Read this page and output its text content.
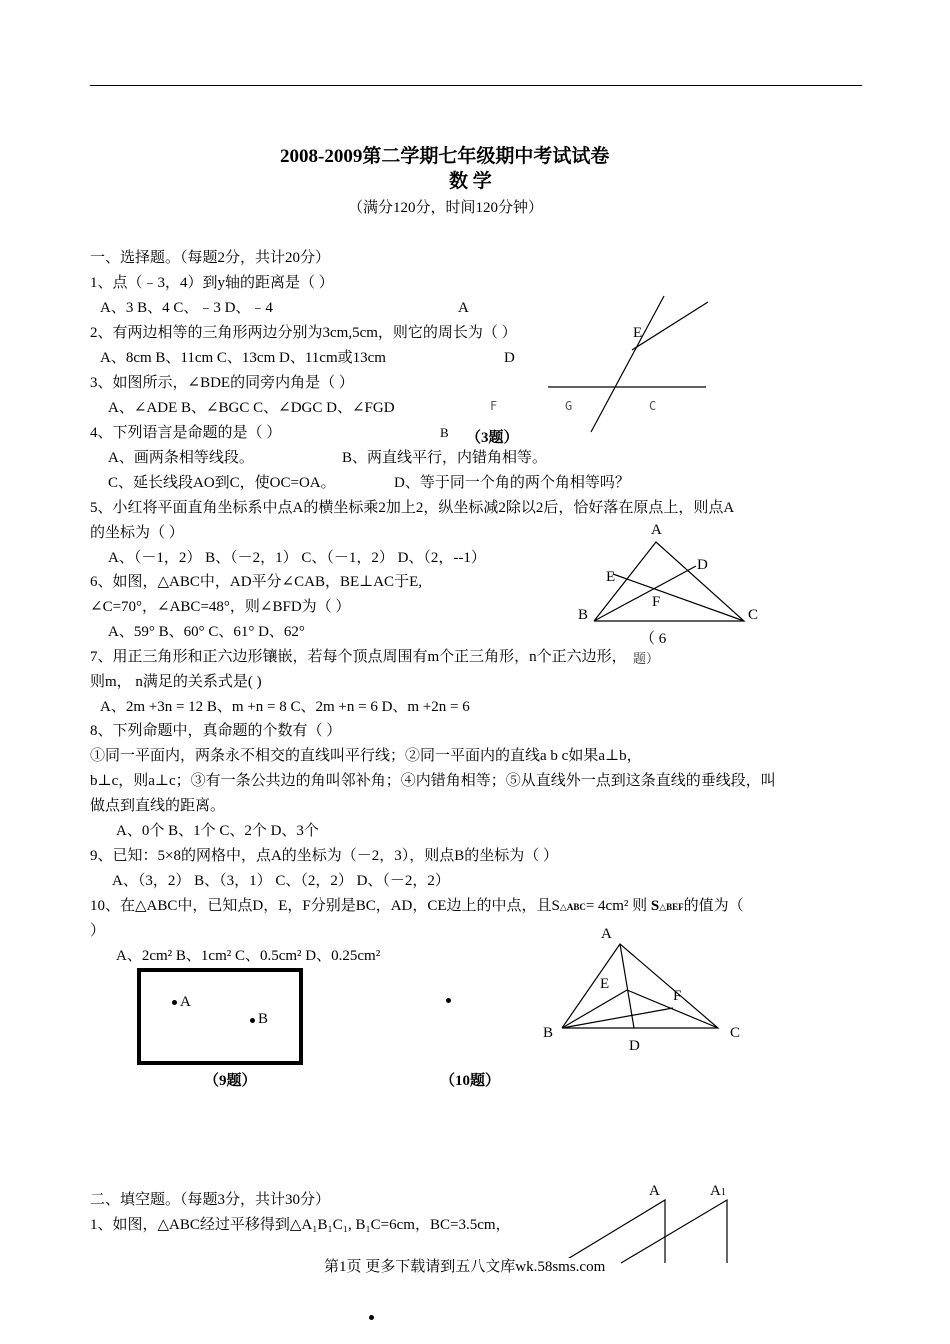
2008-2009第二学期七年级期中考试试卷
数 学
（满分120分，时间120分钟）
一、选择题。（每题2分，共计20分）
1、点（﹣3，4）到y轴的距离是（ ）
A、3 B、4 C、﹣3 D、﹣4	A
2、有两边相等的三角形两边分别为3cm,5cm，则它的周长为（ ）
A、8cm B、11cm C、13cm D、11cm或13cm	D
3、如图所示，∠BDE的同旁内角是（ ）
A、∠ADE B、∠BGC C、∠DGC D、∠FGD
4、下列语言是命题的是（ ）
A、画两条相等线段。	B、两直线平行，内错角相等。
C、延长线段AO到C，使OC=OA。	D、等于同一个角的两个角相等吗？
5、小红将平面直角坐标系中点A的横坐标乘2加上2，纵坐标减2除以2后，恰好落在原点上，则点A
的坐标为（ ）
A、（－1，2） B、（－2，1） C、（－1，2） D、（2，--1）
6、如图，△ABC中，AD平分∠CAB，BE⊥AC于E,
∠C=70°，∠ABC=48°，则∠BFD为（ ）
A、59° B、60° C、61° D、62°
7、用正三角形和正六边形镶嵌，若每个顶点周围有m个正三角形，n个正六边形，
则m， n满足的关系式是( )
A、2m +3n = 12 B、m +n = 8 C、2m +n = 6 D、m +2n = 6
8、下列命题中，真命题的个数有（ ）
①同一平面内，两条永不相交的直线叫平行线；②同一平面内的直线a b c如果a⊥b，
b⊥c，则a⊥c；③有一条公共边的角叫邻补角；④内错角相等；⑤从直线外一点到这条直线的垂线段，叫
做点到直线的距离。
A、0个 B、1个 C、2个 D、3个
9、已知：5×8的网格中，点A的坐标为（－2，3），则点B的坐标为（ ）
A、（3，2） B、（3，1） C、（2，2） D、（－2，2）
10、在△ABC中，已知点D，E，F分别是BC，AD，CE边上的中点，且S△ABC= 4cm² 则 S△BEF的值为（
）
A、2cm² B、1cm² C、0.5cm² D、0.25cm²
E
F	G	C
B （3题）
A
D
E
F
B	C
（ 6
题）
A
B
（9题）	（10题）
A
E
F
B	C
D
二、填空题。（每题3分，共计30分）
1、如图，△ABC经过平移得到△A₁B₁C₁, B₁C=6cm，BC=3.5cm，
A	A1
第1页 更多下载请到五八文库wk.58sms.com
